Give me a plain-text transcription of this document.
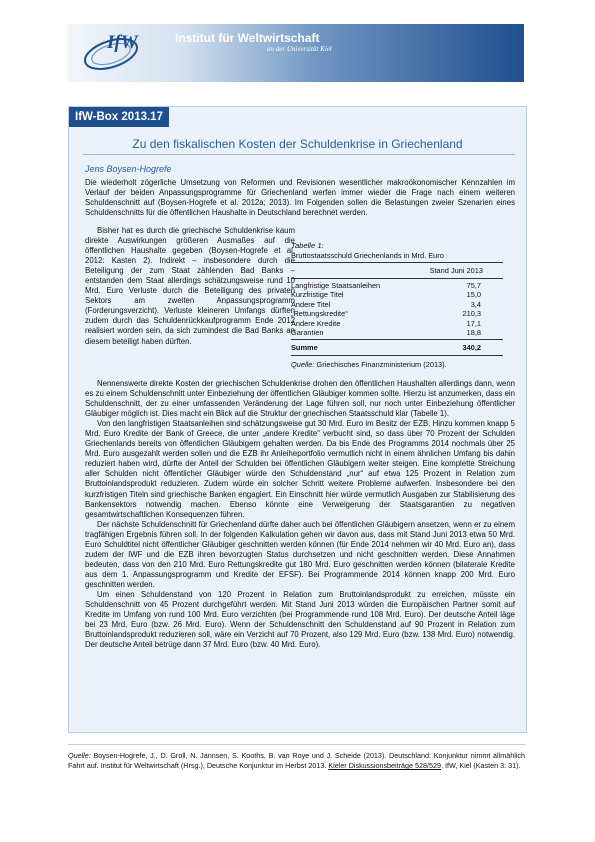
IfW	Institut für Weltwirtschaft
an der Universität Kiel
IfW-Box 2013.17
Zu den fiskalischen Kosten der Schuldenkrise in Griechenland
Jens Boysen-Hogrefe

Die wiederholt zögerliche Umsetzung von Reformen und Revisionen wesentlicher makroökonomischer Kennzahlen im Verlauf der beiden Anpassungsprogramme für Griechenland werfen immer wieder die Frage nach einem weiteren Schuldenschnitt auf (Boysen-Hogrefe et al. 2012a; 2013). Im Folgenden sollen die Belastungen zweier Szenarien eines Schuldenschnitts für die öffentlichen Haushalte in Deutschland berechnet werden.

Bisher hat es durch die griechische Schuldenkrise kaum direkte Auswirkungen größeren Ausmaßes auf die öffentlichen Haushalte gegeben (Boysen-Hogrefe et al. 2012: Kasten 2). Indirekt – insbesondere durch die Beteiligung der zum Staat zählenden Bad Banks – entstanden dem Staat allerdings schätzungsweise rund 10 Mrd. Euro Verluste durch die Beteiligung des privaten Sektors am zweiten Anpassungsprogramm (Forderungsverzicht). Verluste kleineren Umfangs dürften zudem durch das Schuldenrückkaufprogramm Ende 2012 realisiert worden sein, da sich zumindest die Bad Banks an diesem beteiligt haben dürften.

Tabelle 1:
Bruttostaatsschuld Griechenlands in Mrd. Euro
Stand Juni 2013
Langfristige Staatsanleihen	75,7
Kurzfristige Titel	15,0
Andere Titel	3,4
„Rettungskredite“	210,3
Andere Kredite	17,1
Garantien	18,8
Summe	340,2
Quelle: Griechisches Finanzministerium (2013).

Nennenswerte direkte Kosten der griechischen Schuldenkrise drohen den öffentlichen Haushalten allerdings dann, wenn es zu einem Schuldenschnitt unter Einbeziehung der öffentlichen Gläubiger kommen sollte. Hierzu ist anzumerken, dass ein Schuldenschnitt, der zu einer umfassenden Veränderung der Lage führen soll, nur noch unter Einbeziehung öffentlicher Gläubiger möglich ist. Dies macht ein Blick auf die Struktur der griechischen Staatsschuld klar (Tabelle 1).

Von den langfristigen Staatsanleihen sind schätzungsweise gut 30 Mrd. Euro im Besitz der EZB. Hinzu kommen knapp 5 Mrd. Euro Kredite der Bank of Greece, die unter „andere Kredite“ verbucht sind, so dass über 70 Prozent der Schulden Griechenlands bereits von öffentlichen Gläubigern gehalten werden. Da bis Ende des Programms 2014 nochmals über 25 Mrd. Euro ausgezahlt werden sollen und die EZB ihr Anleiheportfolio vermutlich nicht in einem ähnlichen Umfang bis dahin reduziert haben wird, dürfte der Anteil der Schulden bei öffentlichen Gläubigern weiter steigen. Eine komplette Streichung aller Schulden nicht öffentlicher Gläubiger würde den Schuldenstand „nur“ auf etwa 125 Prozent in Relation zum Bruttoinlandsprodukt reduzieren. Zudem würde ein solcher Schritt weitere Probleme aufwerfen. Insbesondere bei den kurzfristigen Titeln sind griechische Banken engagiert. Ein Einschnitt hier würde vermutlich Ausgaben zur Stabilisierung des Bankensektors notwendig machen. Ebenso könnte eine Verweigerung der Staatsgarantien zu negativen gesamtwirtschaftlichen Konsequenzen führen.

Der nächste Schuldenschnitt für Griechenland dürfte daher auch bei öffentlichen Gläubigern ansetzen, wenn er zu einem tragfähigen Ergebnis führen soll. In der folgenden Kalkulation gehen wir davon aus, dass mit Stand Juni 2013 etwa 50 Mrd. Euro Schuldtitel nicht öffentlicher Gläubiger geschnitten werden können (für Ende 2014 nehmen wir 40 Mrd. Euro an), dass zudem der IWF und die EZB ihren bevorzugten Status durchsetzen und nicht geschnitten werden. Diese Annahmen bedeuten, dass von den 210 Mrd. Euro Rettungskredite gut 180 Mrd. Euro geschnitten werden können (bilaterale Kredite aus dem 1. Anpassungsprogramm und Kredite der EFSF). Bei Programmende 2014 können knapp 200 Mrd. Euro geschnitten werden.

Um einen Schuldenstand von 120 Prozent in Relation zum Bruttoinlandsprodukt zu erreichen, müsste ein Schuldenschnitt von 45 Prozent durchgeführt werden. Mit Stand Juni 2013 würden die Europäischen Partner somit auf Kredite im Umfang von rund 100 Mrd. Euro verzichten (bei Programmende rund 108 Mrd. Euro). Der deutsche Anteil läge bei 23 Mrd. Euro (bzw. 26 Mrd. Euro). Wenn der Schuldenschnitt den Schuldenstand auf 90 Prozent in Relation zum Bruttoinlandsprodukt reduzieren soll, wäre ein Verzicht auf 70 Prozent, also 129 Mrd. Euro (bzw. 138 Mrd. Euro) notwendig. Der deutsche Anteil betrüge dann 37 Mrd. Euro (bzw. 40 Mrd. Euro).

Quelle: Boysen-Hogrefe, J., D. Groll, N. Jannsen, S. Kooths, B. van Roye und J. Scheide (2013). Deutschland: Konjunktur nimmt allmählich Fahrt auf. Institut für Weltwirtschaft (Hrsg.), Deutsche Konjunktur im Herbst 2013. Kieler Diskussionsbeiträge 528/529. IfW, Kiel (Kasten 3: 31).
